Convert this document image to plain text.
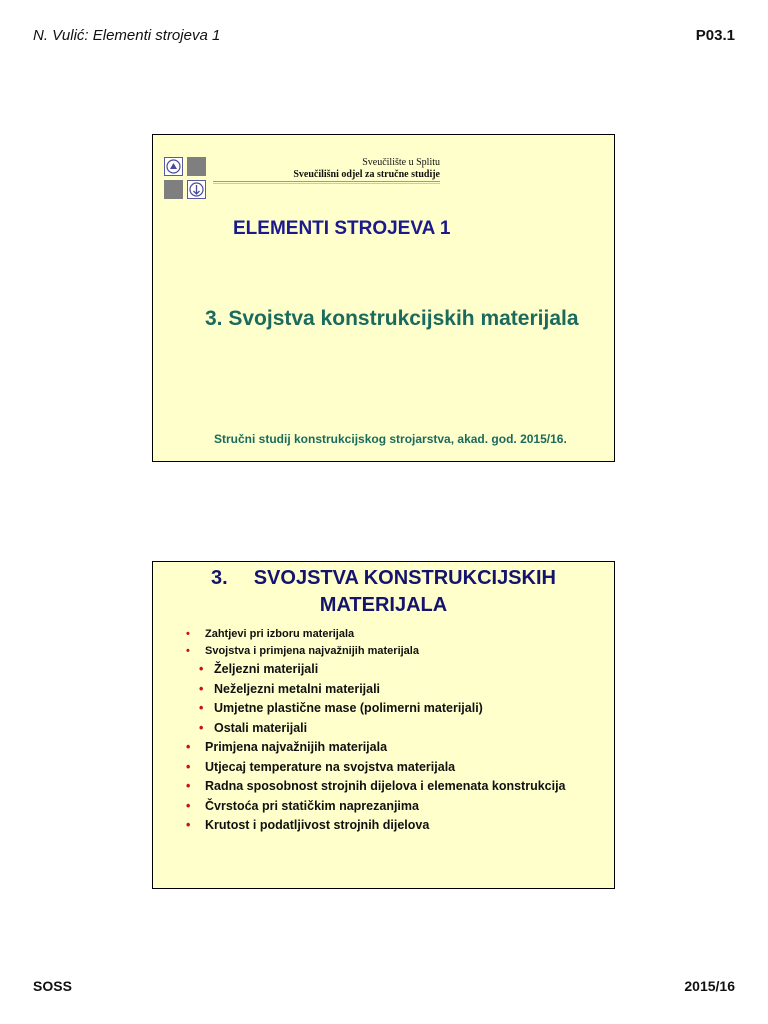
N. Vulić: Elementi strojeva 1	P03.1
Sveučilište u Splitu
Sveučilišni odjel za stručne studije
ELEMENTI STROJEVA 1
3. Svojstva konstrukcijskih materijala
Stručni studij konstrukcijskog strojarstva, akad. god. 2015/16.
3. SVOJSTVA KONSTRUKCIJSKIH
MATERIJALA
• Zahtjevi pri izboru materijala
• Svojstva i primjena najvažnijih materijala
• Željezni materijali
• Neželjezni metalni materijali
• Umjetne plastične mase (polimerni materijali)
• Ostali materijali
• Primjena najvažnijih materijala
• Utjecaj temperature na svojstva materijala
• Radna sposobnost strojnih dijelova i elemenata konstrukcija
• Čvrstoća pri statičkim naprezanjima
• Krutost i podatljivost strojnih dijelova
SOSS	2015/16
